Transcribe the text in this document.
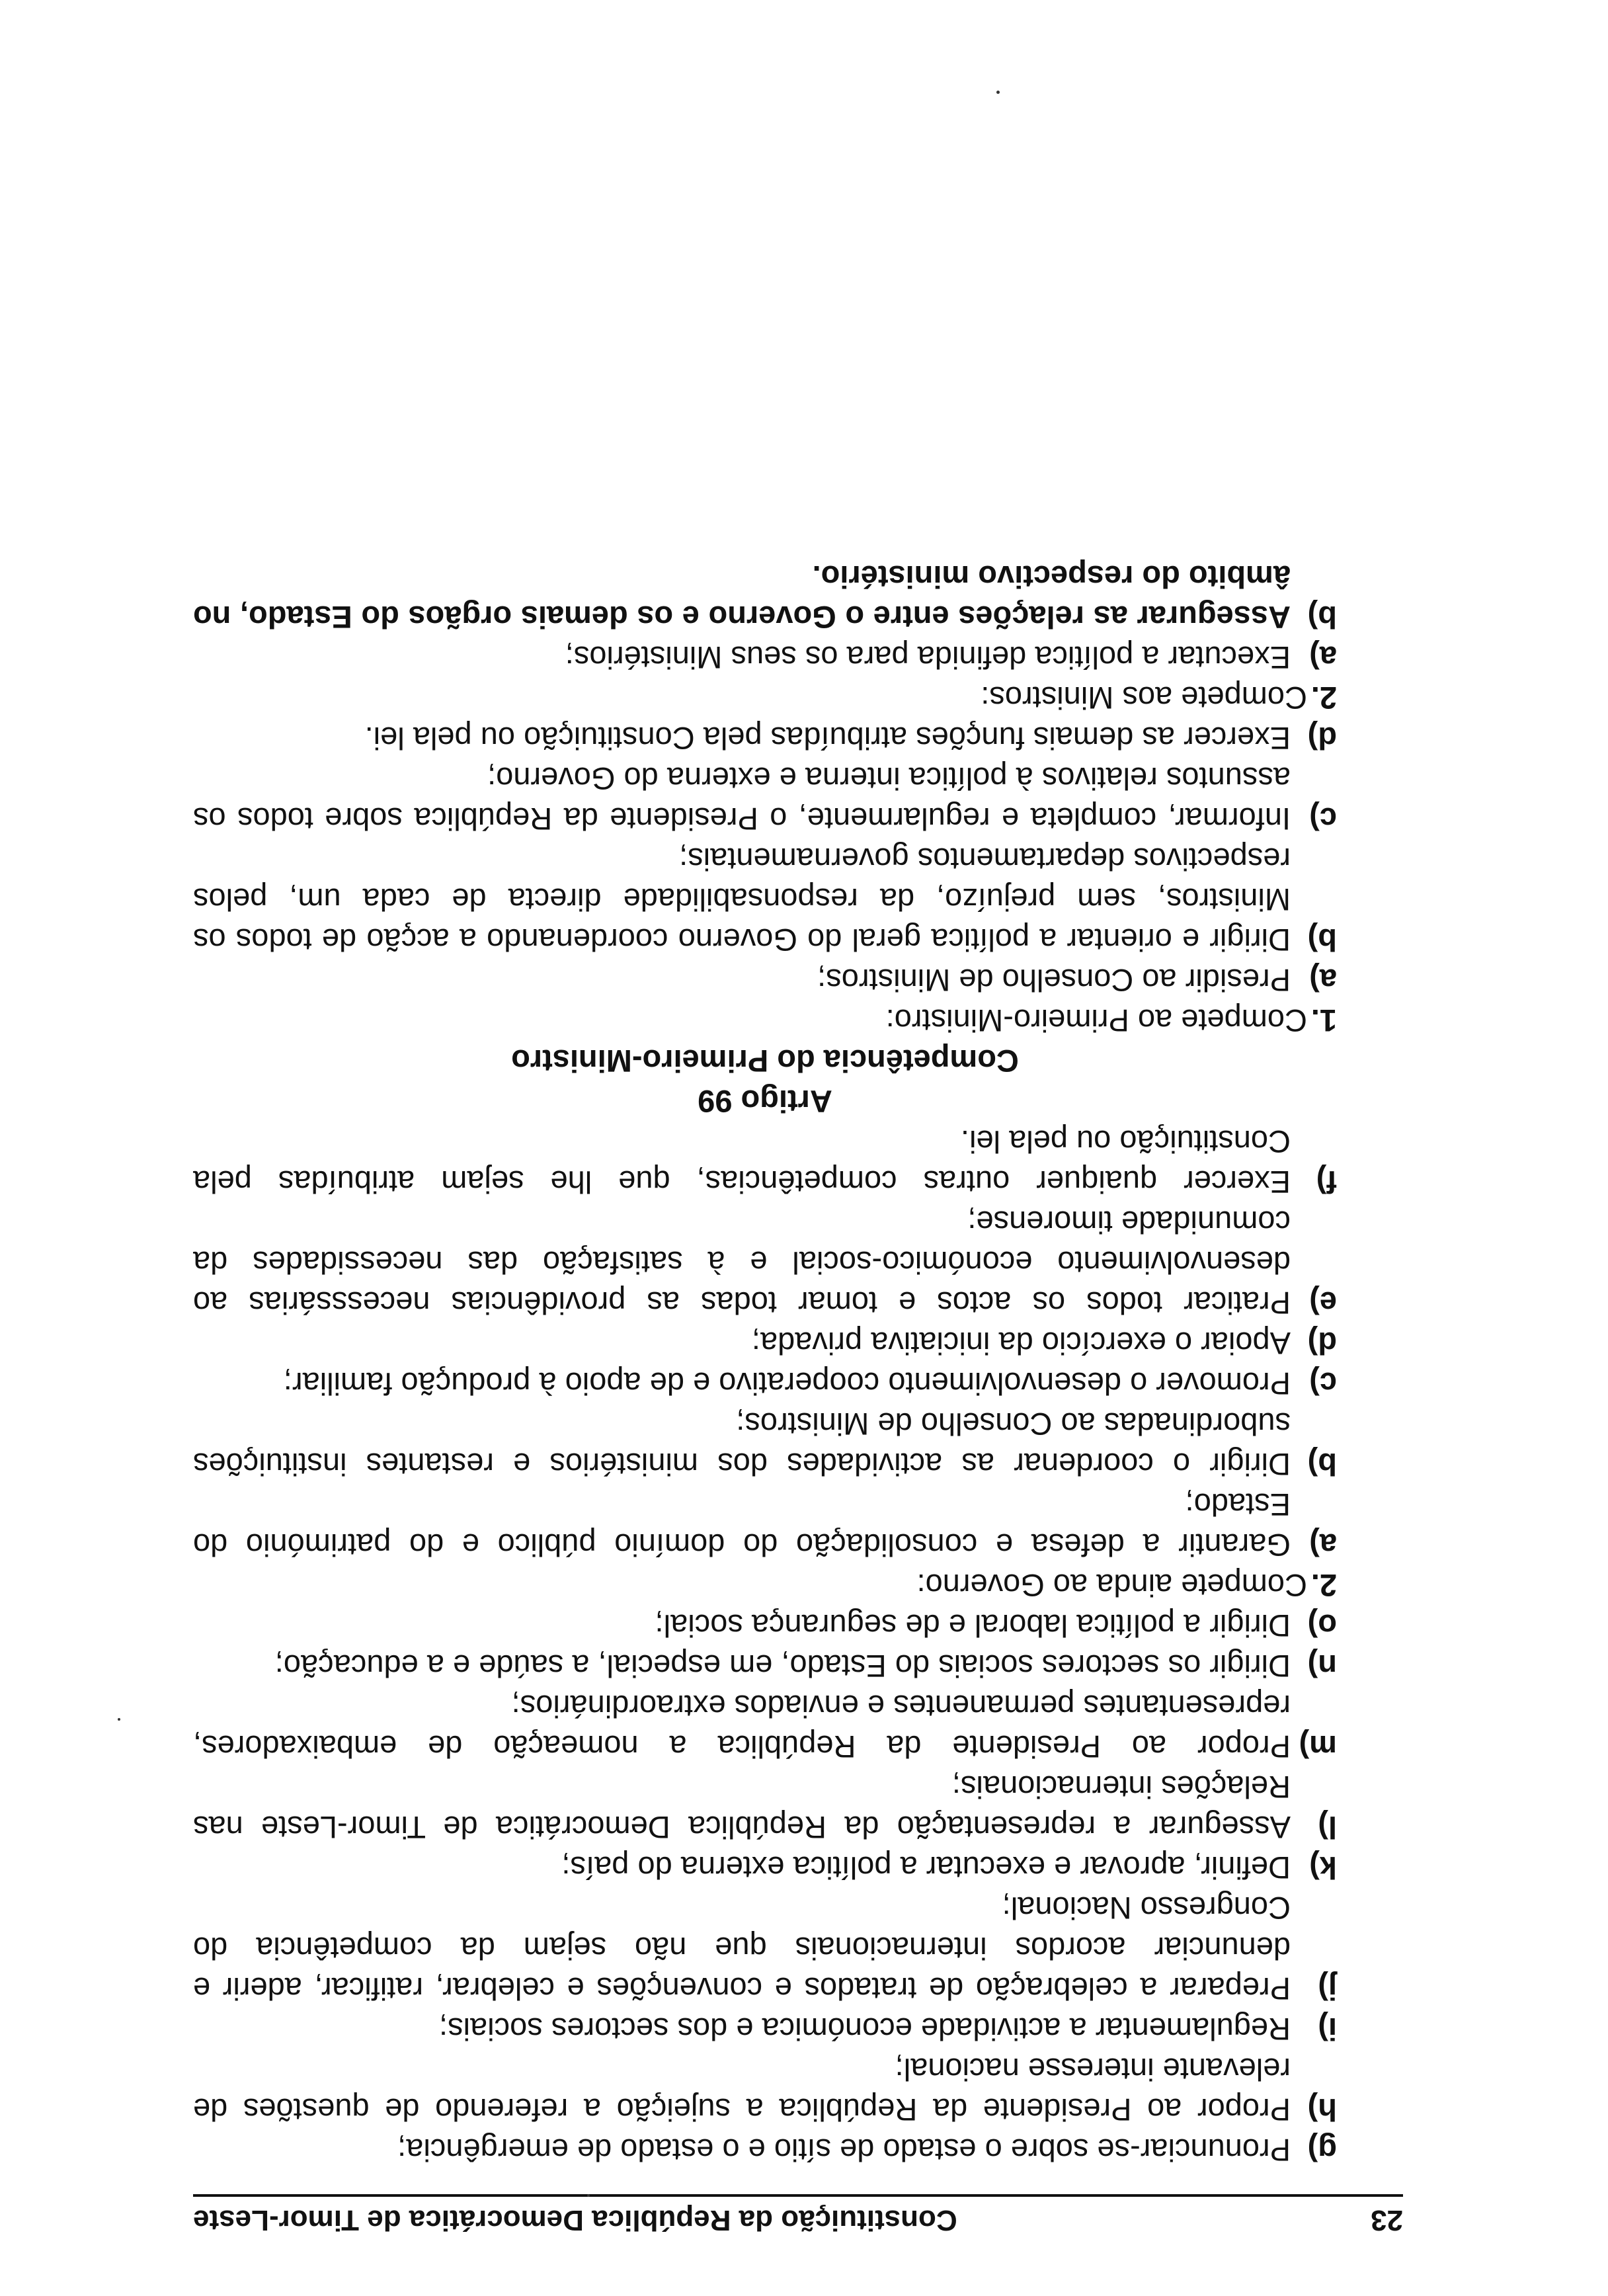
23
Constituição da República Democrática de Timor-Leste

g)Pronunciar-se sobre o estado de sítio e o estado de emergência;

h)Propor ao Presidente da República a sujeição a referendo de questões de relevante interesse nacional;

i)Regulamentar a actividade económica e dos sectores sociais;

j)Preparar a celebração de tratados e convenções e celebrar, ratificar, aderir e denunciar acordos internacionais que não sejam da competência do Congresso Nacional;

k)Definir, aprovar e executar a política externa do país;

l)Assegurar a representação da República Democrática de Timor-Leste nas Relações internacionais;

m)Propor ao Presidente da República a nomeação de embaixadores, representantes permanentes e enviados extraordinários;

n)Dirigir os sectores sociais do Estado, em especial, a saúde e a educação;

o)Dirigir a política laboral e de segurança social;

2.Compete ainda ao Governo:

a)Garantir a defesa e consolidação do domínio público e do património do Estado;

b)Dirigir o coordenar as actividades dos ministérios e restantes instituições subordinadas ao Conselho de Ministros;

c)Promover o desenvolvimento cooperativo e de apoio à produção familiar;

d)Apoiar o exercício da iniciativa privada;

e)Praticar todos os actos e tomar todas as providências necesssárias ao desenvolvimento económico-social e à satisfação das necessidades da comunidade timorense;

f)Exercer quaiquer outras competências, que lhe sejam atribuídas pela Constituição ou pela lei.

Artigo 99

Competência do Primeiro-Ministro

1.Compete ao Primeiro-Ministro:

a)Presidir ao Conselho de Ministros;

b)Dirigir e orientar a política geral do Governo coordenando a acção de todos os Ministros, sem prejuízo, da responsabilidade directa de cada um, pelos respectivos departamentos governamentais;

c)Informar, completa e regularmente, o Presidente da República sobre todos os assuntos relativos à política interna e externa do Governo;

d)Exercer as demais funções atribuídas pela Constituição ou pela lei.

2.Compete aos Ministros:

a)Executar a política definida para os seus Ministérios;

b)Assegurar as relações entre o Governo e os demais orgãos do Estado, no âmbito do respectivo ministério.
